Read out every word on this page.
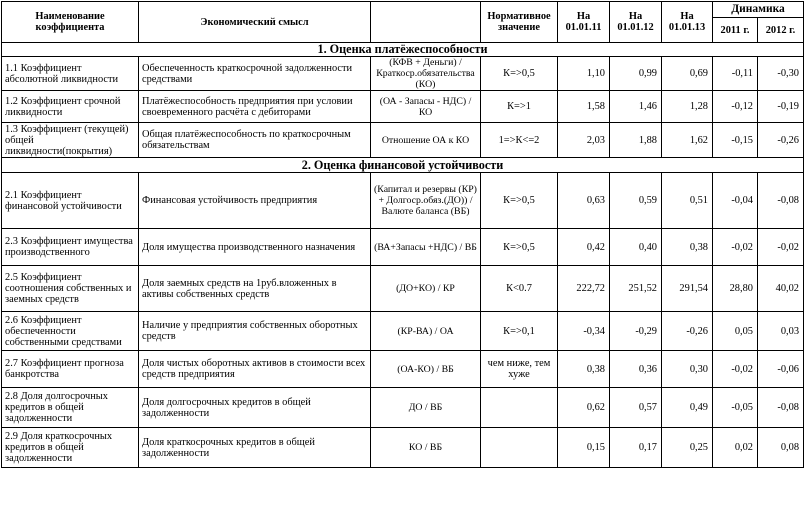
Наименование коэффициента	Экономический смысл		Нормативное значение	На 01.01.11	На 01.01.12	На 01.01.13	Динамика	
							2011 г.	2012 г.
1. Оценка платёжеспособности								
1.1 Коэффициент абсолютной ликвидности	Обеспеченность краткосрочной задолженности средствами	(КФВ + Деньги) / Краткоср.обязательства (КО)	К=>0,5	1,10	0,99	0,69	-0,11	-0,30
1.2 Коэффициент срочной ликвидности	Платёжеспособность предприятия при условии своевременного расчёта с дебиторами	(ОА - Запасы - НДС) / КО	К=>1	1,58	1,46	1,28	-0,12	-0,19
1.3 Коэффициент (текущей) общей ликвидности(покрытия)	Общая платёжеспособность по краткосрочным обязательствам	Отношение ОА к КО	1=>К<=2	2,03	1,88	1,62	-0,15	-0,26
2. Оценка финансовой устойчивости								
2.1 Коэффициент финансовой устойчивости	Финансовая устойчивость предприятия	(Капитал и резервы (КР) + Долгоср.обяз.(ДО)) / Валюте баланса (ВБ)	К=>0,5	0,63	0,59	0,51	-0,04	-0,08
2.3 Коэффициент имущества производственного	Доля имущества производственного назначения	(ВА+Запасы +НДС) / ВБ	К=>0,5	0,42	0,40	0,38	-0,02	-0,02
2.5 Коэффициент соотношения собственных и заемных средств	Доля заемных средств на 1руб.вложенных в активы собственных средств	(ДО+КО) / КР	К<0.7	222,72	251,52	291,54	28,80	40,02
2.6 Коэффициент обеспеченности собственными средствами	Наличие у предприятия собственных оборотных средств	(КР-ВА) / ОА	К=>0,1	-0,34	-0,29	-0,26	0,05	0,03
2.7 Коэффициент прогноза банкротства	Доля чистых оборотных активов в стоимости всех средств предприятия	(ОА-КО) / ВБ	чем ниже, тем хуже	0,38	0,36	0,30	-0,02	-0,06
2.8 Доля долгосрочных кредитов в общей задолженности	Доля долгосрочных кредитов в общей задолженности	ДО / ВБ		0,62	0,57	0,49	-0,05	-0,08
2.9 Доля краткосрочных кредитов в общей задолженности	Доля краткосрочных кредитов в общей задолженности	КО / ВБ		0,15	0,17	0,25	0,02	0,08
